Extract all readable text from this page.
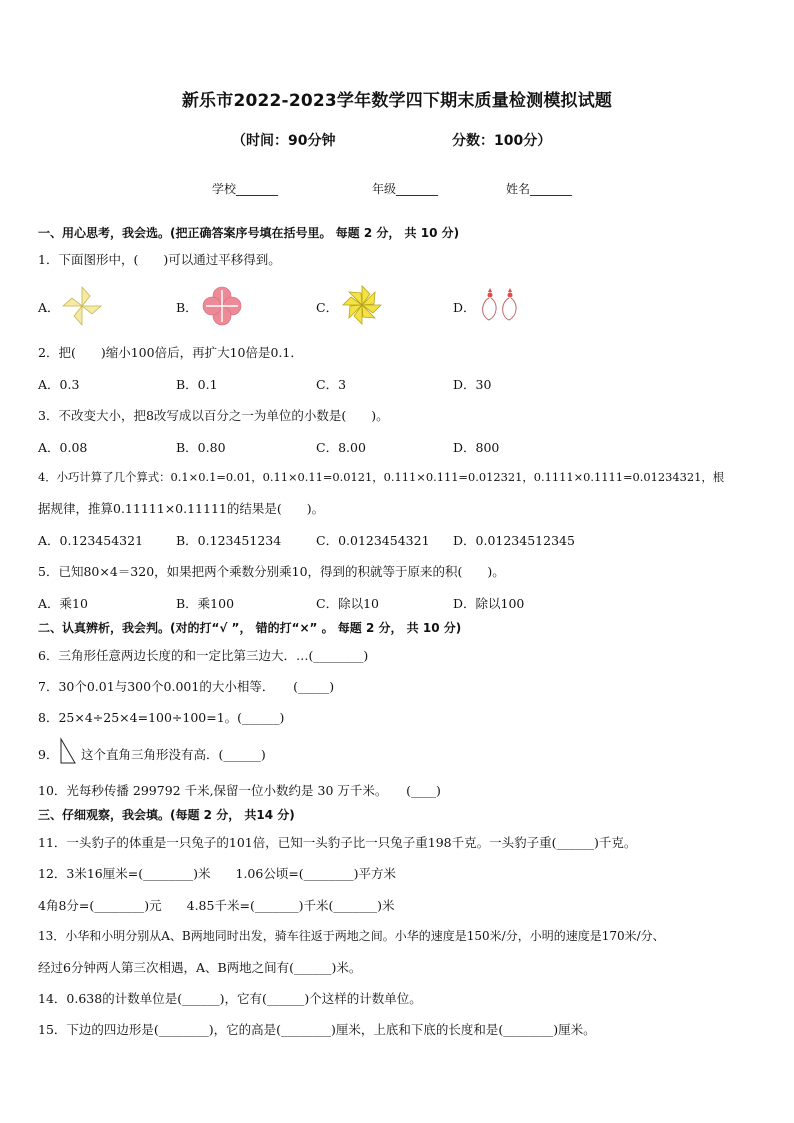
新乐市2022-2023学年数学四下期末质量检测模拟试题
（时间：90分钟	分数：100分）
学校_______	年级_______	姓名_______
一、用心思考，我会选。(把正确答案序号填在括号里。 每题 2 分， 共 10 分)
1．下面图形中，(　　)可以通过平移得到。
A．	B．	C．	D．
2．把(　　)缩小100倍后，再扩大10倍是0.1．
A．0.3	B．0.1	C．3	D．30
3．不改变大小，把8改写成以百分之一为单位的小数是(　　)。
A．0.08	B．0.80	C．8.00	D．800
4．小巧计算了几个算式：0.1×0.1=0.01，0.11×0.11=0.0121，0.111×0.111=0.012321，0.1111×0.1111=0.01234321，根
据规律，推算0.11111×0.11111的结果是(　　)。
A．0.123454321	B．0.123451234	C．0.0123454321 D．0.01234512345
5．已知80×4＝320，如果把两个乘数分别乘10，得到的积就等于原来的积(　　)。
A．乘10	B．乘100	C．除以10	D．除以100
二、认真辨析，我会判。(对的打“√ ”， 错的打“×” 。 每题 2 分， 共 10 分)
6．三角形任意两边长度的和一定比第三边大．…(________)
7．30个0.01与300个0.001的大小相等．　　(_____)
8．25×4÷25×4=100÷100=1。(______)
9． 这个直角三角形没有高．(______)
10．光每秒传播 299792 千米,保留一位小数约是 30 万千米。　　(____)
三、仔细观察，我会填。(每题 2 分， 共14 分)
11．一头豹子的体重是一只兔子的101倍，已知一头豹子比一只兔子重198千克。一头豹子重(______)千克。
12．3米16厘米=(________)米　　1.06公顷=(________)平方米
4角8分=(________)元　　4.85千米=(_______)千米(_______)米
13．小华和小明分别从A、B两地同时出发，骑车往返于两地之间。小华的速度是150米/分，小明的速度是170米/分、
经过6分钟两人第三次相遇，A、B两地之间有(______)米。
14．0.638的计数单位是(______)，它有(______)个这样的计数单位。
15．下边的四边形是(________)，它的高是(________)厘米，上底和下底的长度和是(________)厘米。
